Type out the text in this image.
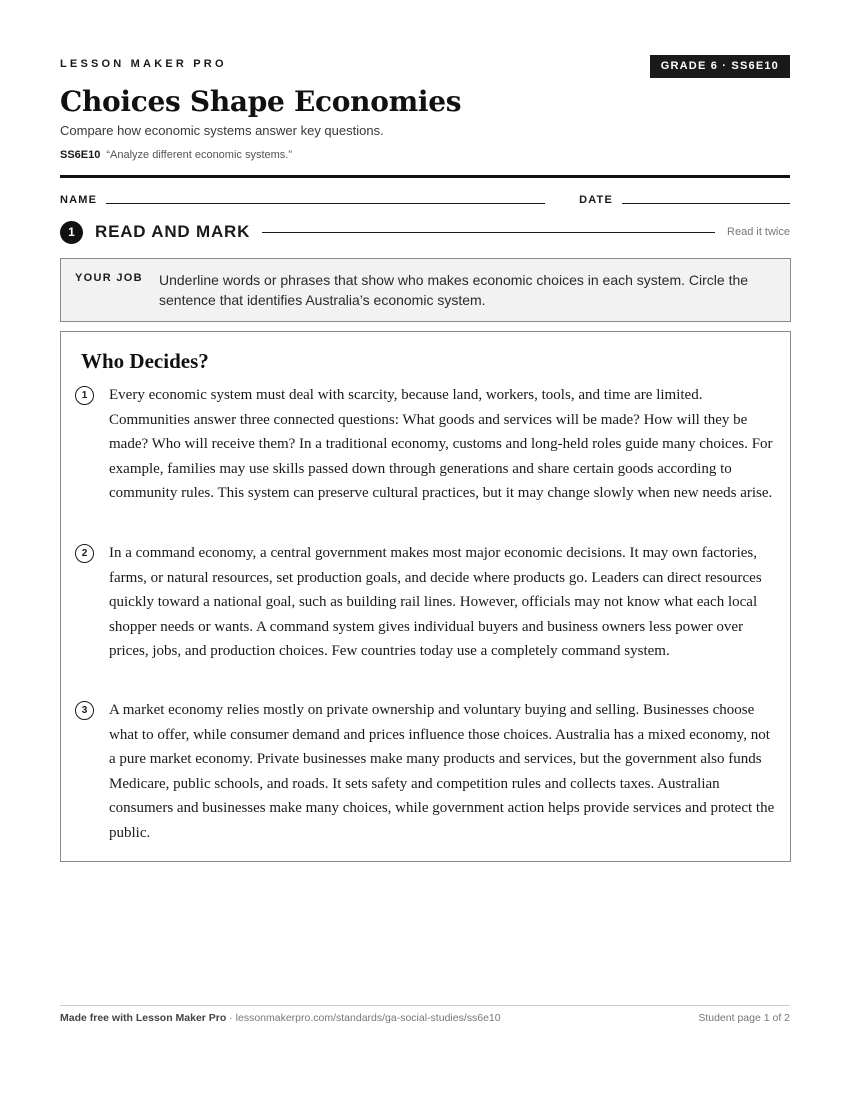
LESSON MAKER PRO	GRADE 6 · SS6E10
Choices Shape Economies
Compare how economic systems answer key questions.
SS6E10 “Analyze different economic systems.”
NAME	DATE
1	READ AND MARK	Read it twice
YOUR JOB Underline words or phrases that show who makes economic choices in each system. Circle the sentence that identifies Australia’s economic system.
Who Decides?
1	Every economic system must deal with scarcity, because land, workers, tools, and time are limited. Communities answer three connected questions: What goods and services will be made? How will they be made? Who will receive them? In a traditional economy, customs and long-held roles guide many choices. For example, families may use skills passed down through generations and share certain goods according to community rules. This system can preserve cultural practices, but it may change slowly when new needs arise.

2	In a command economy, a central government makes most major economic decisions. It may own factories, farms, or natural resources, set production goals, and decide where products go. Leaders can direct resources quickly toward a national goal, such as building rail lines. However, officials may not know what each local shopper needs or wants. A command system gives individual buyers and business owners less power over prices, jobs, and production choices. Few countries today use a completely command system.

3	A market economy relies mostly on private ownership and voluntary buying and selling. Businesses choose what to offer, while consumer demand and prices influence those choices. Australia has a mixed economy, not a pure market economy. Private businesses make many products and services, but the government also funds Medicare, public schools, and roads. It sets safety and competition rules and collects taxes. Australian consumers and businesses make many choices, while government action helps provide services and protect the public.

Made free with Lesson Maker Pro · lessonmakerpro.com/standards/ga-social-studies/ss6e10	Student page 1 of 2
